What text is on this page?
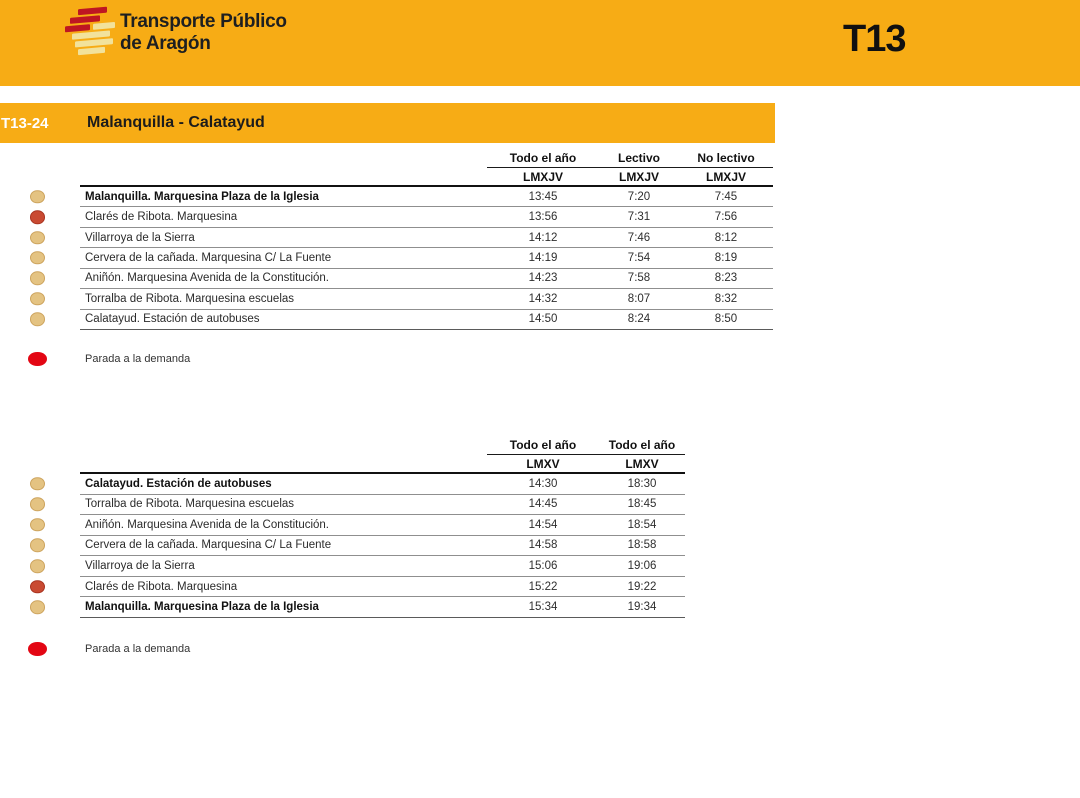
Transporte Público
de Aragón	T13
T13-24 Malanquilla - Calatayud
Todo el año	Lectivo	No lectivo
LMXJV	LMXJV	LMXJV
Malanquilla. Marquesina Plaza de la Iglesia	13:45	7:20	7:45
Clarés de Ribota. Marquesina	13:56	7:31	7:56
Villarroya de la Sierra	14:12	7:46	8:12
Cervera de la cañada. Marquesina C/ La Fuente	14:19	7:54	8:19
Aniñón. Marquesina Avenida de la Constitución.	14:23	7:58	8:23
Torralba de Ribota. Marquesina escuelas	14:32	8:07	8:32
Calatayud. Estación de autobuses	14:50	8:24	8:50
Parada a la demanda
Todo el año	Todo el año
LMXV	LMXV
Calatayud. Estación de autobuses	14:30	18:30
Torralba de Ribota. Marquesina escuelas	14:45	18:45
Aniñón. Marquesina Avenida de la Constitución.	14:54	18:54
Cervera de la cañada. Marquesina C/ La Fuente	14:58	18:58
Villarroya de la Sierra	15:06	19:06
Clarés de Ribota. Marquesina	15:22	19:22
Malanquilla. Marquesina Plaza de la Iglesia	15:34	19:34
Parada a la demanda
